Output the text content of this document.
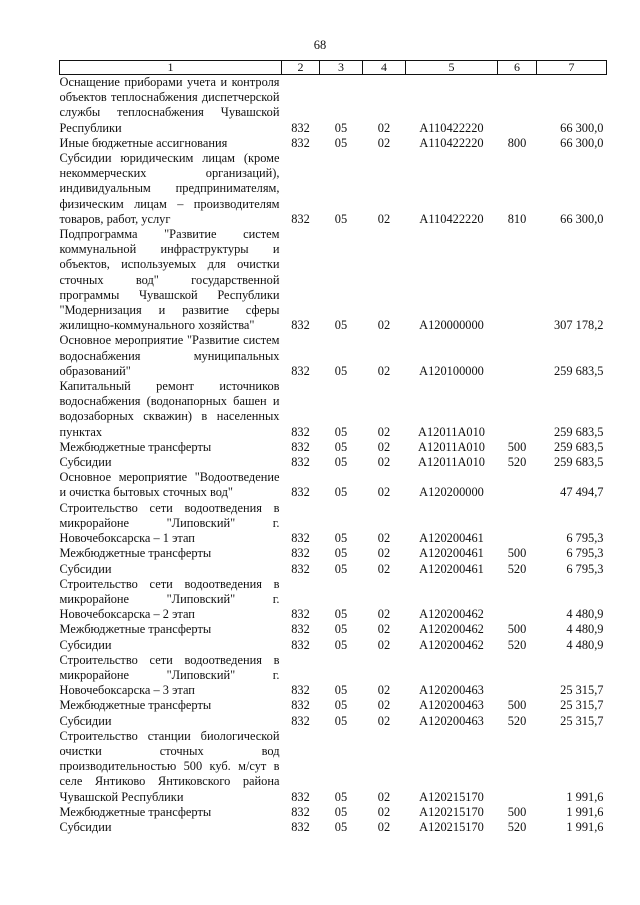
68
1	2	3	4	5	6	7
Оснащение приборами учета и контроля объектов теплоснабжения диспетчерской службы теплоснабжения Чувашской Республики	832	05	02	А110422220		66 300,0
Иные бюджетные ассигнования	832	05	02	А110422220	800	66 300,0
Субсидии юридическим лицам (кроме некоммерческих организаций), индивидуальным предпринимателям, физическим лицам – производителям товаров, работ, услуг	832	05	02	А110422220	810	66 300,0
Подпрограмма "Развитие систем коммунальной инфраструктуры и объектов, используемых для очистки сточных вод" государственной программы Чувашской Республики "Модернизация и развитие сферы жилищно-коммунального хозяйства"	832	05	02	А120000000		307 178,2
Основное мероприятие "Развитие систем водоснабжения муниципальных образований"	832	05	02	А120100000		259 683,5
Капитальный ремонт источников водоснабжения (водонапорных башен и водозаборных скважин) в населенных пунктах	832	05	02	А12011А010		259 683,5
Межбюджетные трансферты	832	05	02	А12011А010	500	259 683,5
Субсидии	832	05	02	А12011А010	520	259 683,5
Основное мероприятие "Водоотведение и очистка бытовых сточных вод"	832	05	02	А120200000		47 494,7
Строительство сети водоотведения в микрорайоне "Липовский" г. Новочебоксарска – 1 этап	832	05	02	А120200461		6 795,3
Межбюджетные трансферты	832	05	02	А120200461	500	6 795,3
Субсидии	832	05	02	А120200461	520	6 795,3
Строительство сети водоотведения в микрорайоне "Липовский" г. Новочебоксарска – 2 этап	832	05	02	А120200462		4 480,9
Межбюджетные трансферты	832	05	02	А120200462	500	4 480,9
Субсидии	832	05	02	А120200462	520	4 480,9
Строительство сети водоотведения в микрорайоне "Липовский" г. Новочебоксарска – 3 этап	832	05	02	А120200463		25 315,7
Межбюджетные трансферты	832	05	02	А120200463	500	25 315,7
Субсидии	832	05	02	А120200463	520	25 315,7
Строительство станции биологической очистки сточных вод производительностью 500 куб. м/сут в селе Янтиково Янтиковского района Чувашской Республики	832	05	02	А120215170		1 991,6
Межбюджетные трансферты	832	05	02	А120215170	500	1 991,6
Субсидии	832	05	02	А120215170	520	1 991,6
